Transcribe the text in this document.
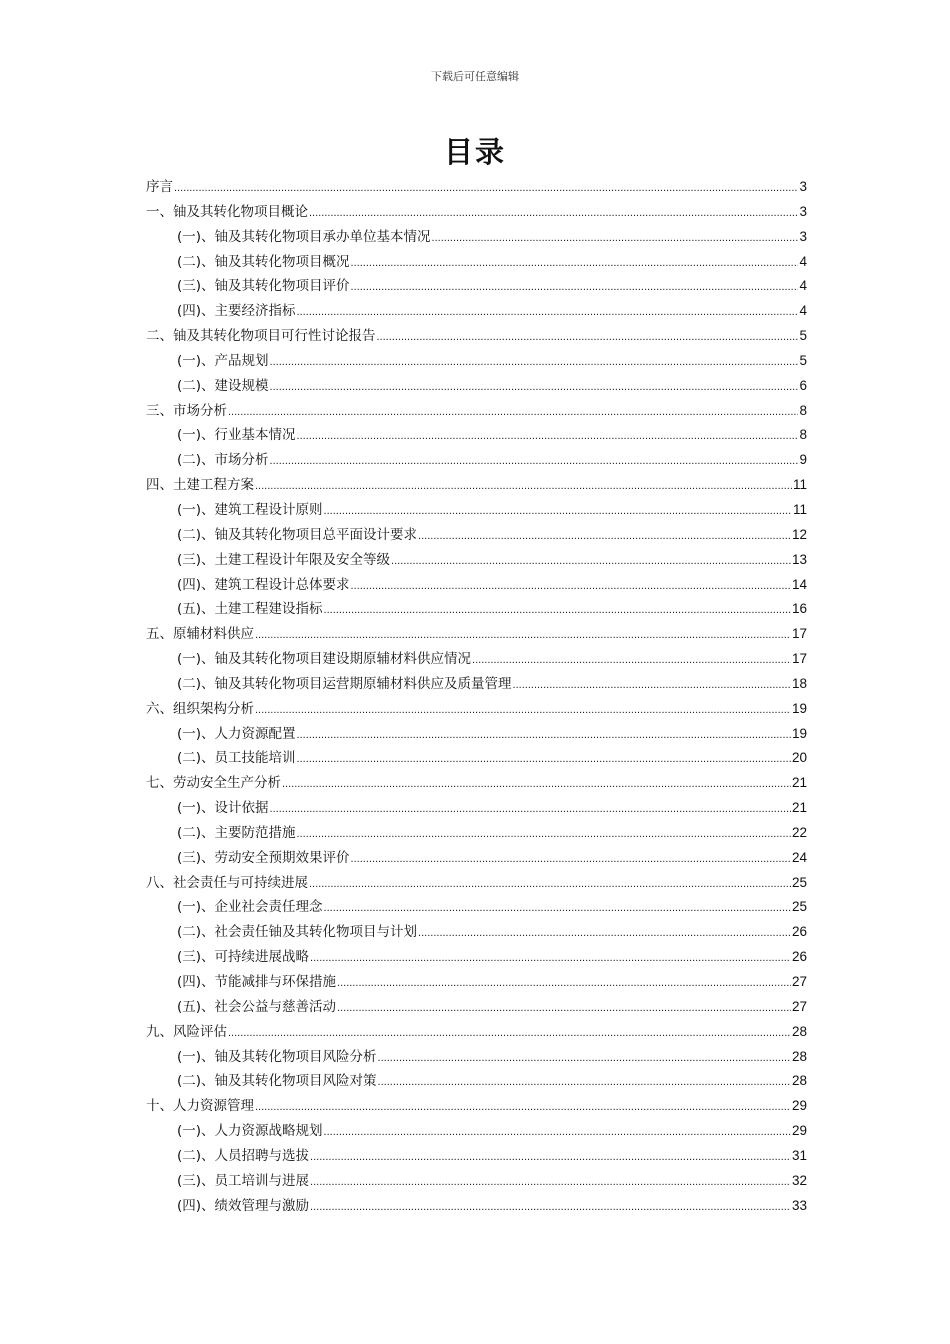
下载后可任意编辑
目录
序言 .....	3
一、铀及其转化物项目概论 .....	3
(一)、铀及其转化物项目承办单位基本情况 .....	3
(二)、铀及其转化物项目概况 .....	4
(三)、铀及其转化物项目评价 .....	4
(四)、主要经济指标 .....	4
二、铀及其转化物项目可行性讨论报告 .....	5
(一)、产品规划 .....	5
(二)、建设规模 .....	6
三、市场分析 .....	8
(一)、行业基本情况 .....	8
(二)、市场分析 .....	9
四、土建工程方案 .....	11
(一)、建筑工程设计原则 .....	11
(二)、铀及其转化物项目总平面设计要求 .....	12
(三)、土建工程设计年限及安全等级 .....	13
(四)、建筑工程设计总体要求 .....	14
(五)、土建工程建设指标 .....	16
五、原辅材料供应 .....	17
(一)、铀及其转化物项目建设期原辅材料供应情况 .....	17
(二)、铀及其转化物项目运营期原辅材料供应及质量管理 .....	18
六、组织架构分析 .....	19
(一)、人力资源配置 .....	19
(二)、员工技能培训 .....	20
七、劳动安全生产分析 .....	21
(一)、设计依据 .....	21
(二)、主要防范措施 .....	22
(三)、劳动安全预期效果评价 .....	24
八、社会责任与可持续进展 .....	25
(一)、企业社会责任理念 .....	25
(二)、社会责任铀及其转化物项目与计划 .....	26
(三)、可持续进展战略 .....	26
(四)、节能减排与环保措施 .....	27
(五)、社会公益与慈善活动 .....	27
九、风险评估 .....	28
(一)、铀及其转化物项目风险分析 .....	28
(二)、铀及其转化物项目风险对策 .....	28
十、人力资源管理 .....	29
(一)、人力资源战略规划 .....	29
(二)、人员招聘与选拔 .....	31
(三)、员工培训与进展 .....	32
(四)、绩效管理与激励 .....	33
